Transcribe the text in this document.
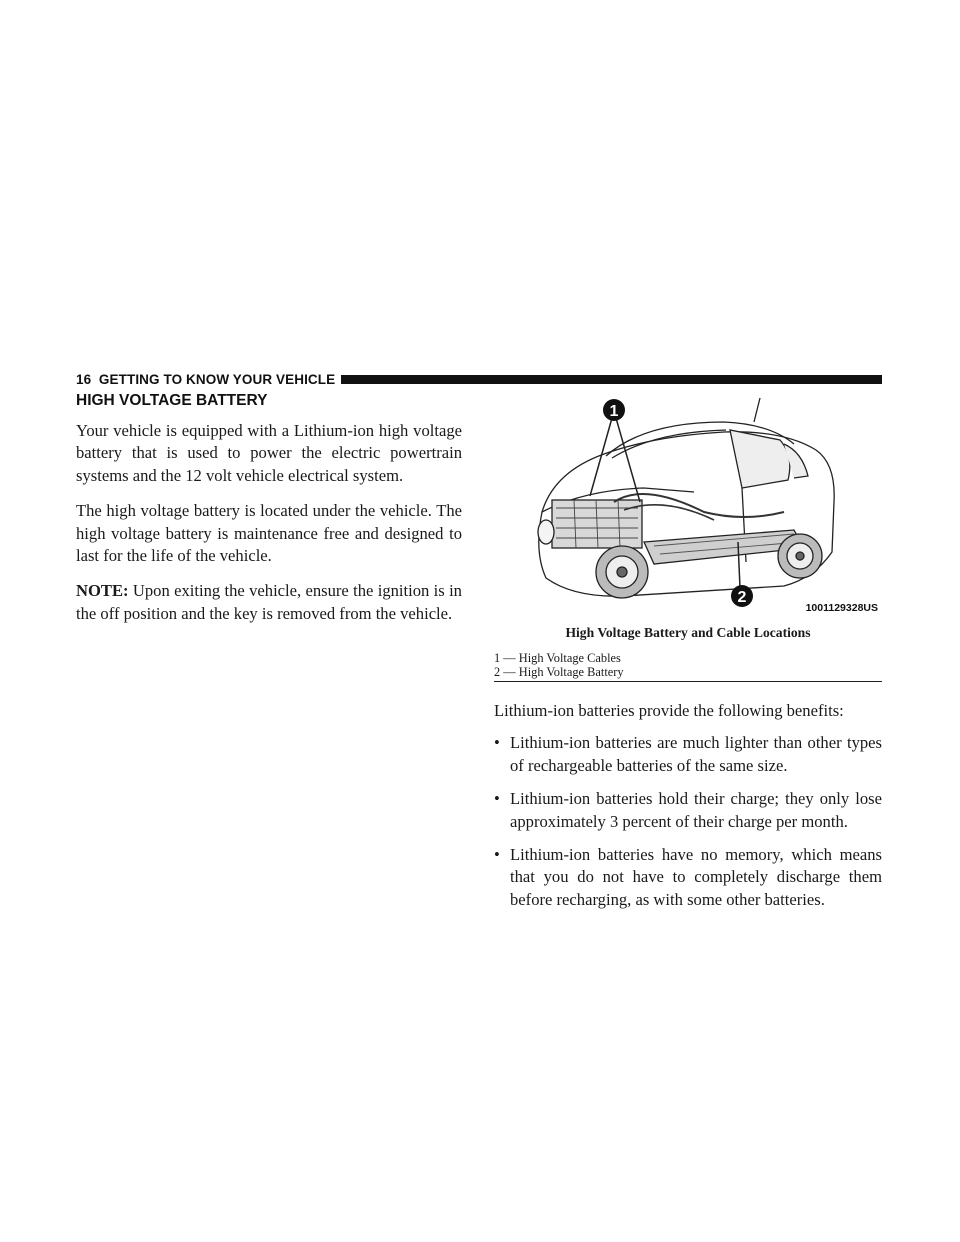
16 GETTING TO KNOW YOUR VEHICLE
HIGH VOLTAGE BATTERY

Your vehicle is equipped with a Lithium-ion high voltage battery that is used to power the electric powertrain systems and the 12 volt vehicle electrical system.

The high voltage battery is located under the vehicle. The high voltage battery is maintenance free and designed to last for the life of the vehicle.

NOTE: Upon exiting the vehicle, ensure the ignition is in the off position and the key is removed from the vehicle.

1
2
1001129328US
High Voltage Battery and Cable Locations
1 — High Voltage Cables
2 — High Voltage Battery

Lithium-ion batteries provide the following benefits:

• Lithium-ion batteries are much lighter than other types of rechargeable batteries of the same size.
• Lithium-ion batteries hold their charge; they only lose approximately 3 percent of their charge per month.
• Lithium-ion batteries have no memory, which means that you do not have to completely discharge them before recharging, as with some other batteries.
